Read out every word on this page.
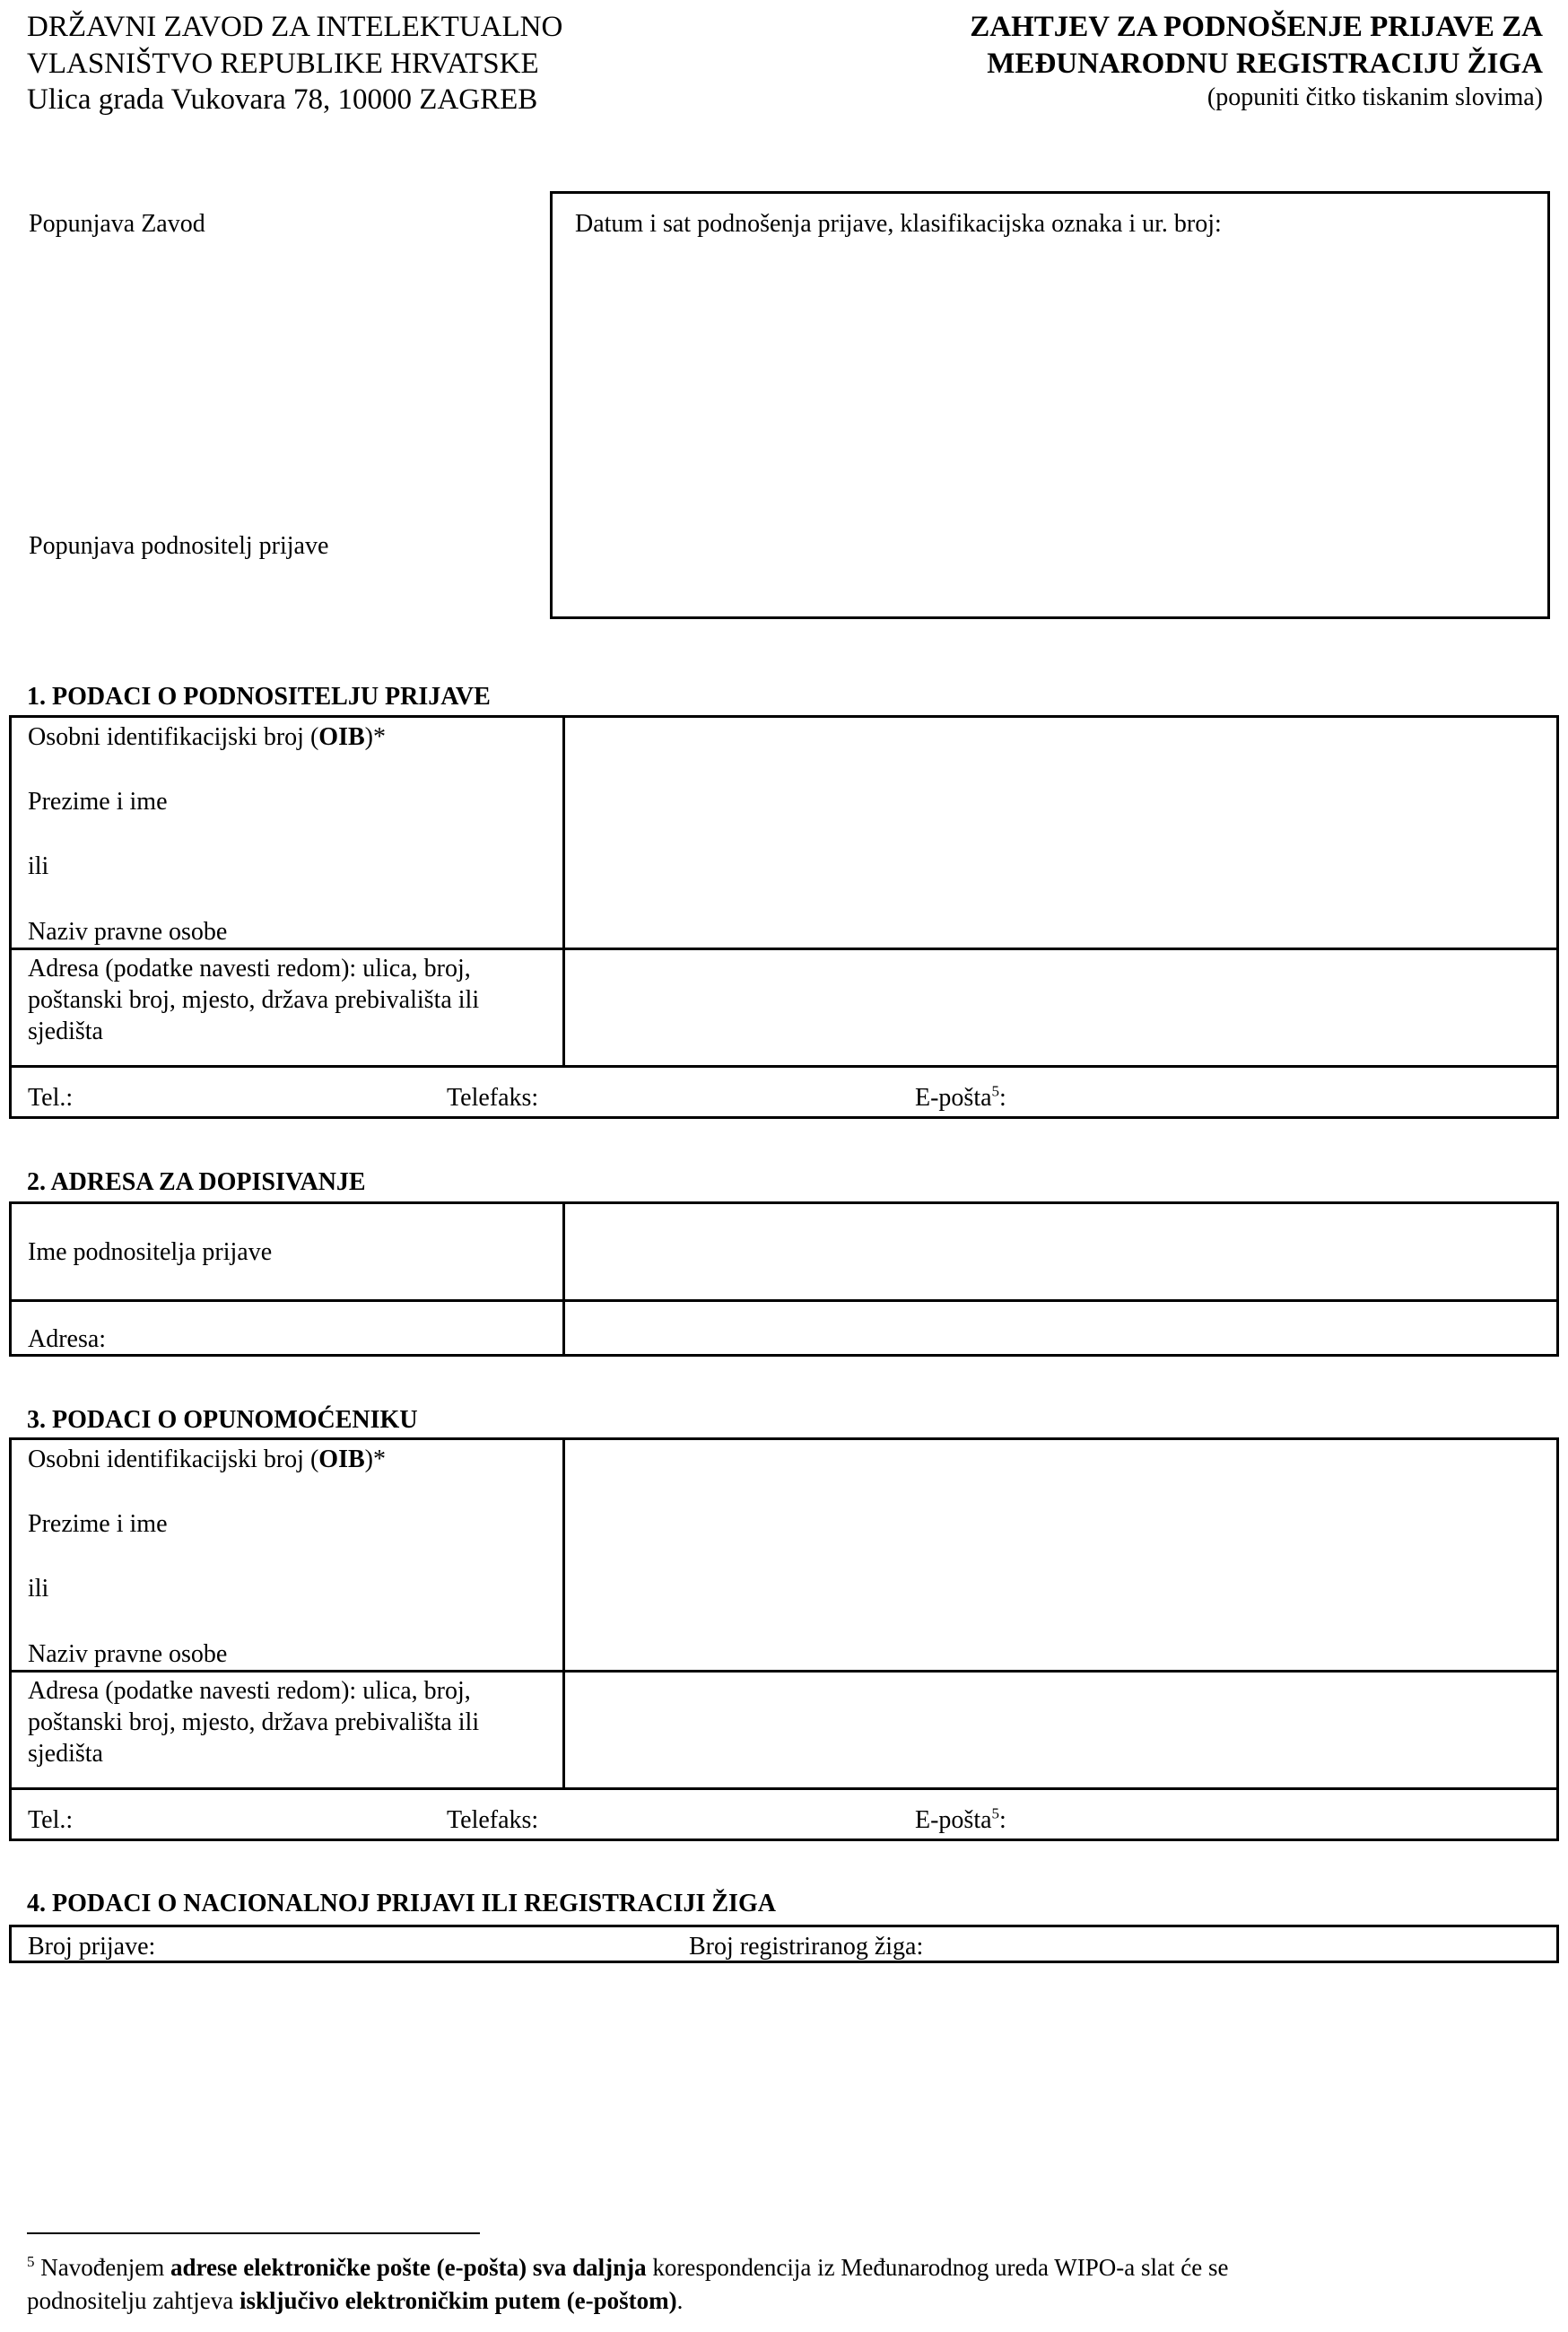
DRŽAVNI ZAVOD ZA INTELEKTUALNO
VLASNIŠTVO REPUBLIKE HRVATSKE
Ulica grada Vukovara 78, 10000 ZAGREB
ZAHTJEV ZA PODNOŠENJE PRIJAVE ZA
MEĐUNARODNU REGISTRACIJU ŽIGA
(popuniti čitko tiskanim slovima)
Popunjava Zavod
Popunjava podnositelj prijave
Datum i sat podnošenja prijave, klasifikacijska oznaka i ur. broj:
1. PODACI O PODNOSITELJU PRIJAVE
Osobni identifikacijski broj (OIB)*
Prezime i ime
ili
Naziv pravne osobe
Adresa (podatke navesti redom): ulica, broj, poštanski broj, mjesto, država prebivališta ili sjedišta
Tel.:	Telefaks:	E-pošta$^5$:
2. ADRESA ZA DOPISIVANJE
Ime podnositelja prijave
Adresa:
3. PODACI O OPUNOMOĆENIKU
Osobni identifikacijski broj (OIB)*
Prezime i ime
ili
Naziv pravne osobe
Adresa (podatke navesti redom): ulica, broj, poštanski broj, mjesto, država prebivališta ili sjedišta
Tel.:	Telefaks:	E-pošta$^5$:
4. PODACI O NACIONALNOJ PRIJAVI ILI REGISTRACIJI ŽIGA
Broj prijave:	Broj registriranog žiga:
$^5$ Navođenjem adrese elektroničke pošte (e-pošta) sva daljnja korespondencija iz Međunarodnog ureda WIPO-a slat će se
podnositelju zahtjeva isključivo elektroničkim putem (e-poštom).
